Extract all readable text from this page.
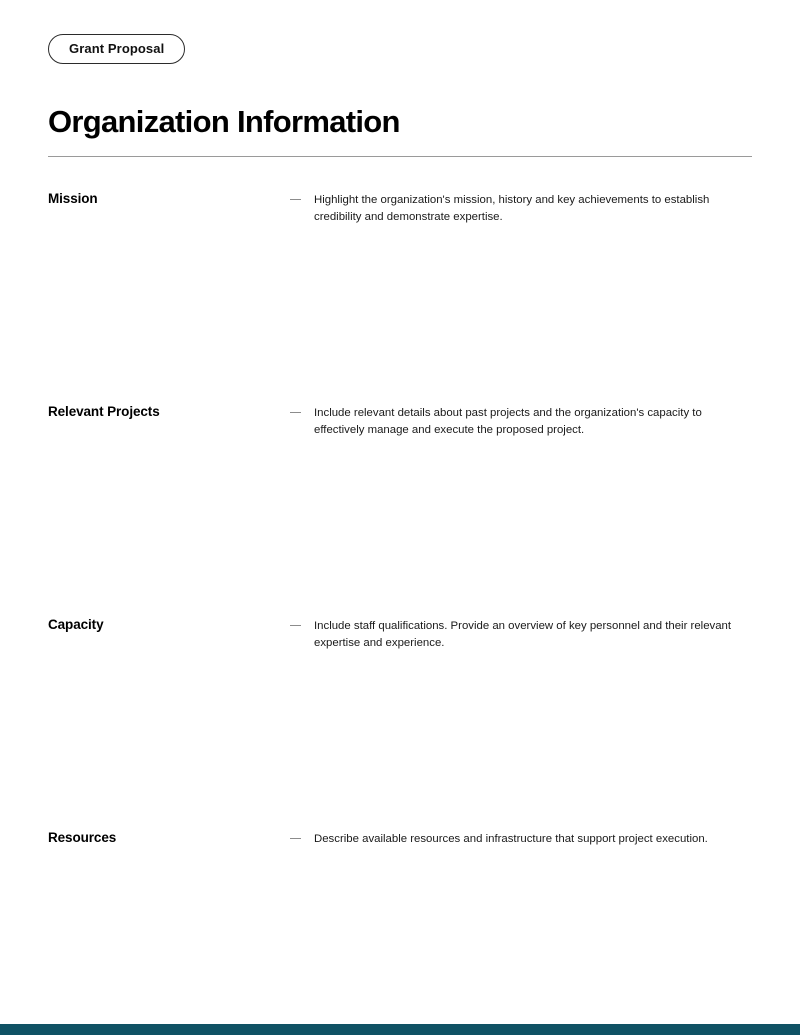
Grant Proposal
Organization Information
Mission	Highlight the organization's mission, history and key achievements to establish credibility and demonstrate expertise.
Relevant Projects	Include relevant details about past projects and the organization's capacity to effectively manage and execute the proposed project.
Capacity	Include staff qualifications. Provide an overview of key personnel and their relevant expertise and experience.
Resources	Describe available resources and infrastructure that support project execution.
